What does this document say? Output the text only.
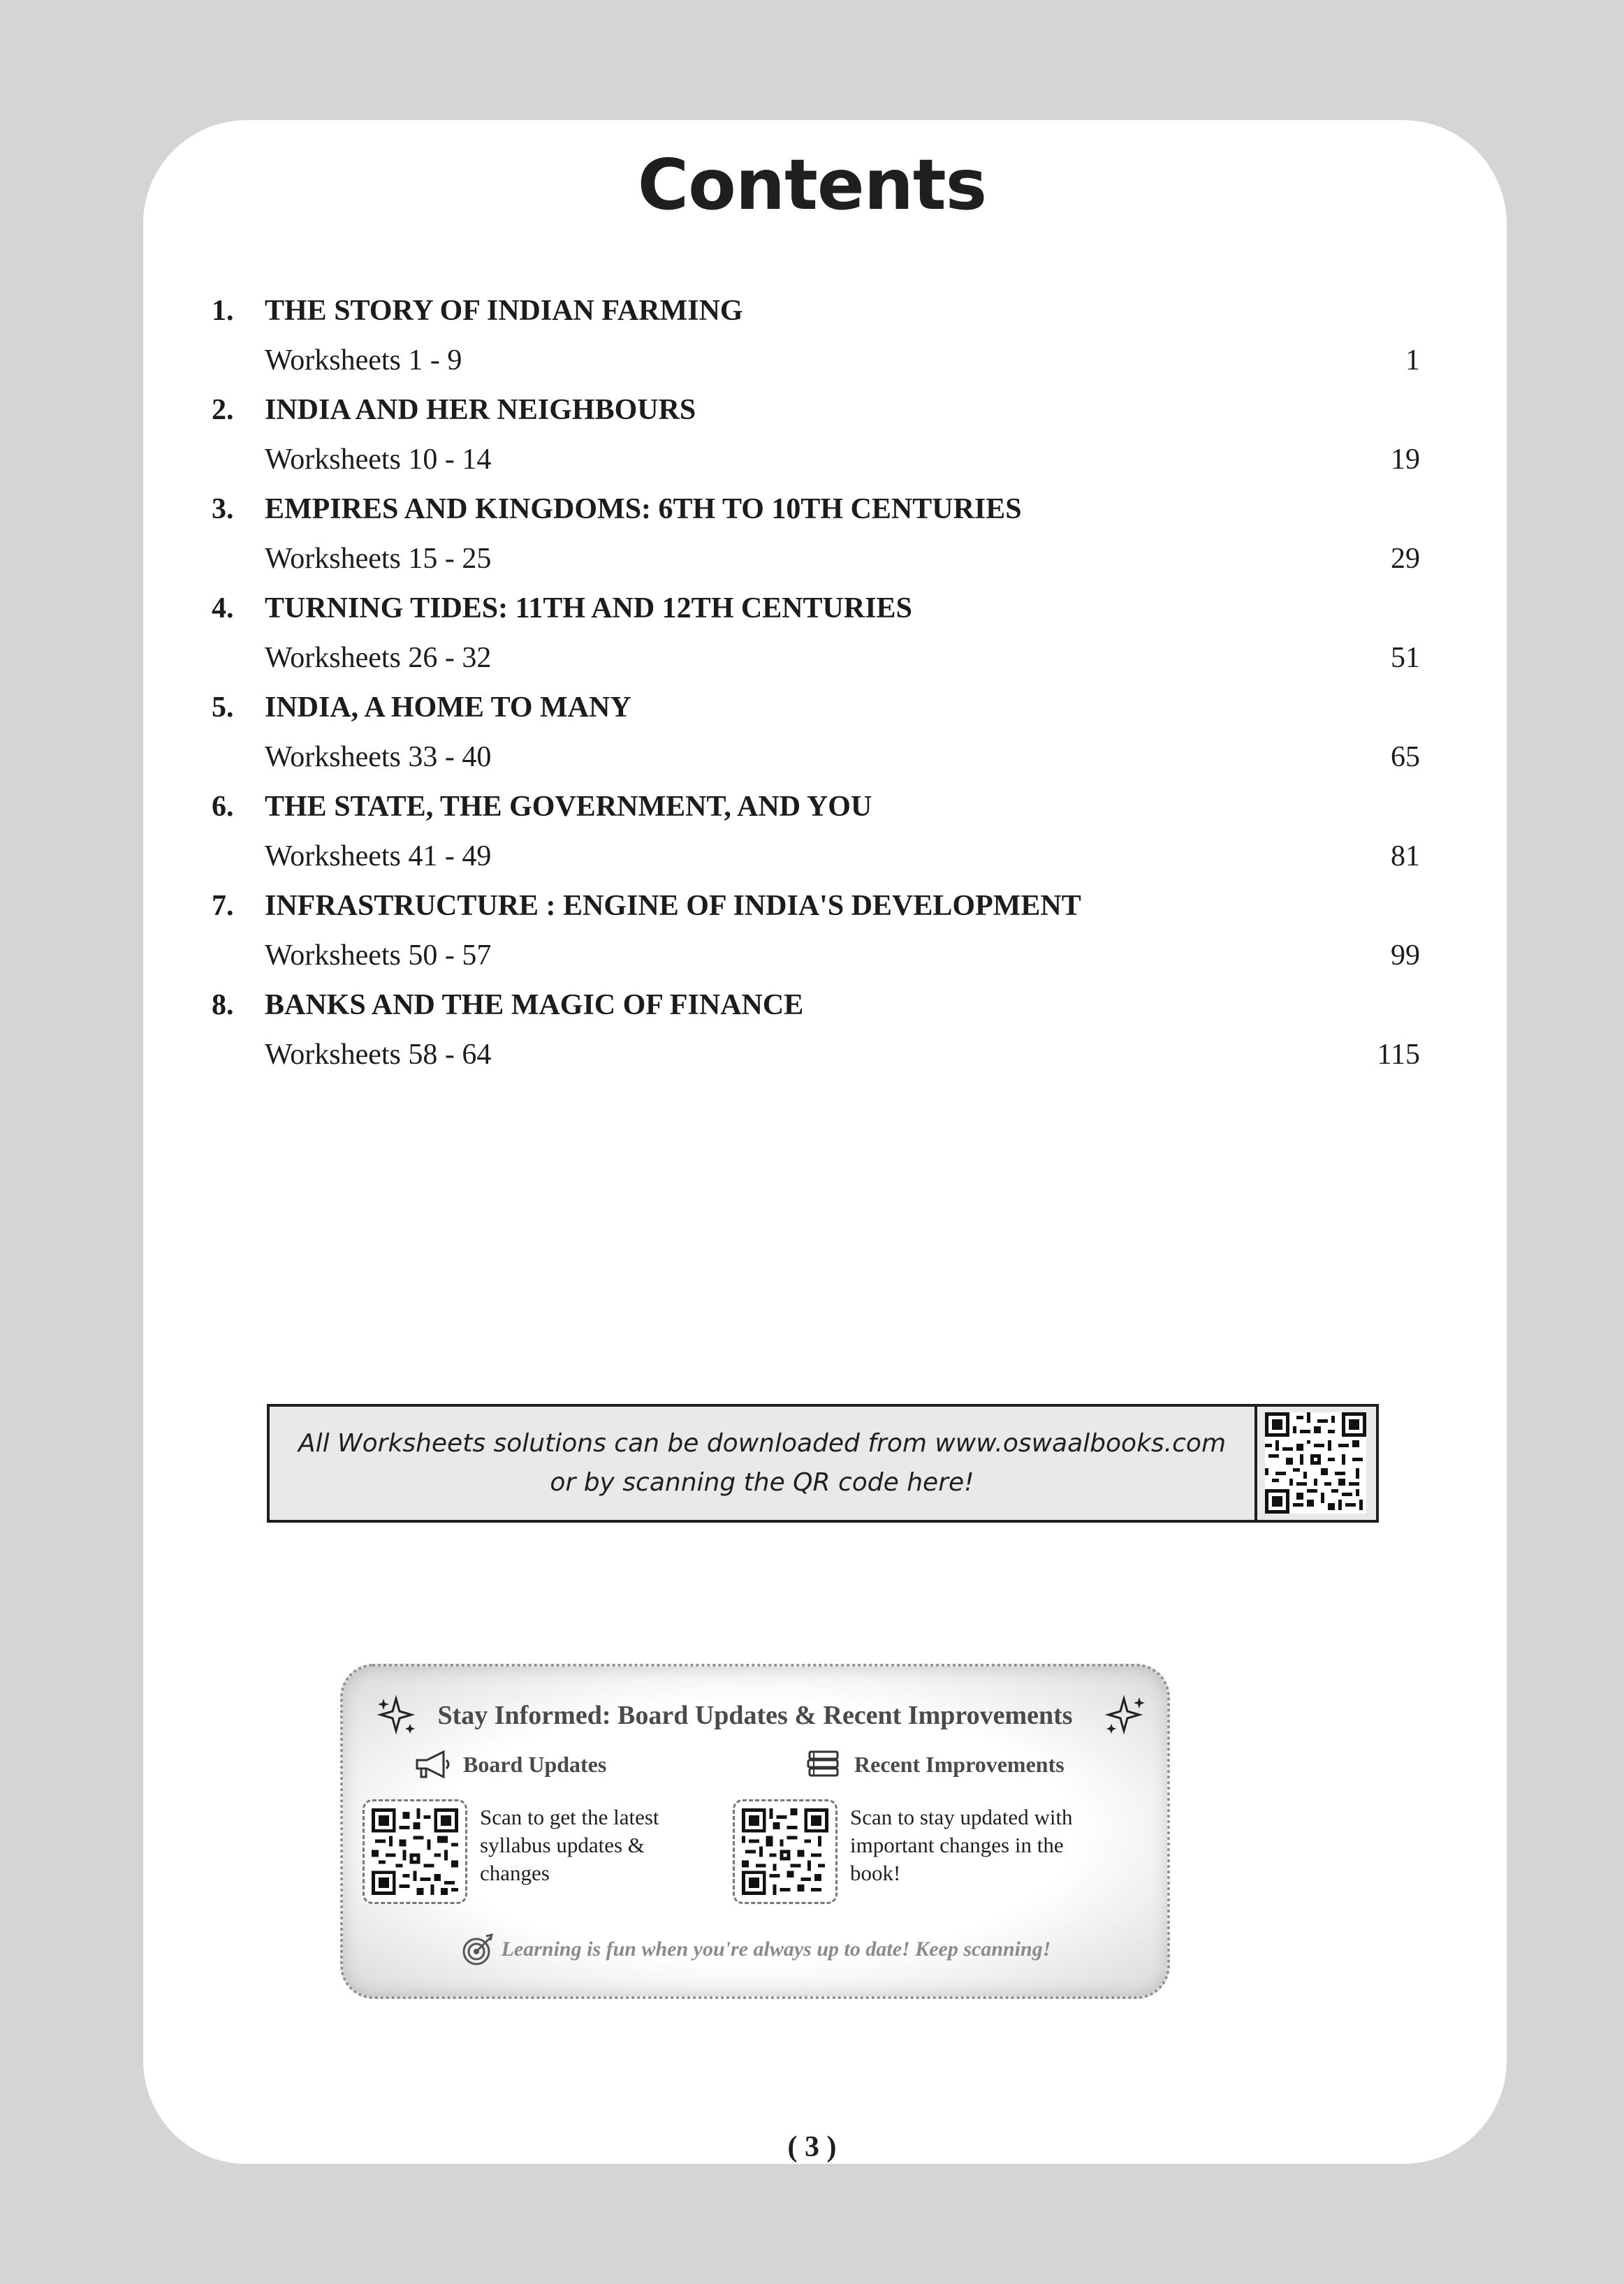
Contents
1. THE STORY OF INDIAN FARMING
Worksheets 1 - 9	1
2. INDIA AND HER NEIGHBOURS
Worksheets 10 - 14	19
3. EMPIRES AND KINGDOMS: 6TH TO 10TH CENTURIES
Worksheets 15 - 25	29
4. TURNING TIDES: 11TH AND 12TH CENTURIES
Worksheets 26 - 32	51
5. INDIA, A HOME TO MANY
Worksheets 33 - 40	65
6. THE STATE, THE GOVERNMENT, AND YOU
Worksheets 41 - 49	81
7. INFRASTRUCTURE : ENGINE OF INDIA'S DEVELOPMENT
Worksheets 50 - 57	99
8. BANKS AND THE MAGIC OF FINANCE
Worksheets 58 - 64	115
All Worksheets solutions can be downloaded from www.oswaalbooks.com
or by scanning the QR code here!
Stay Informed: Board Updates & Recent Improvements
Board Updates	Recent Improvements
Scan to get the latest syllabus updates & changes
Scan to stay updated with important changes in the book!
Learning is fun when you're always up to date! Keep scanning!
( 3 )
